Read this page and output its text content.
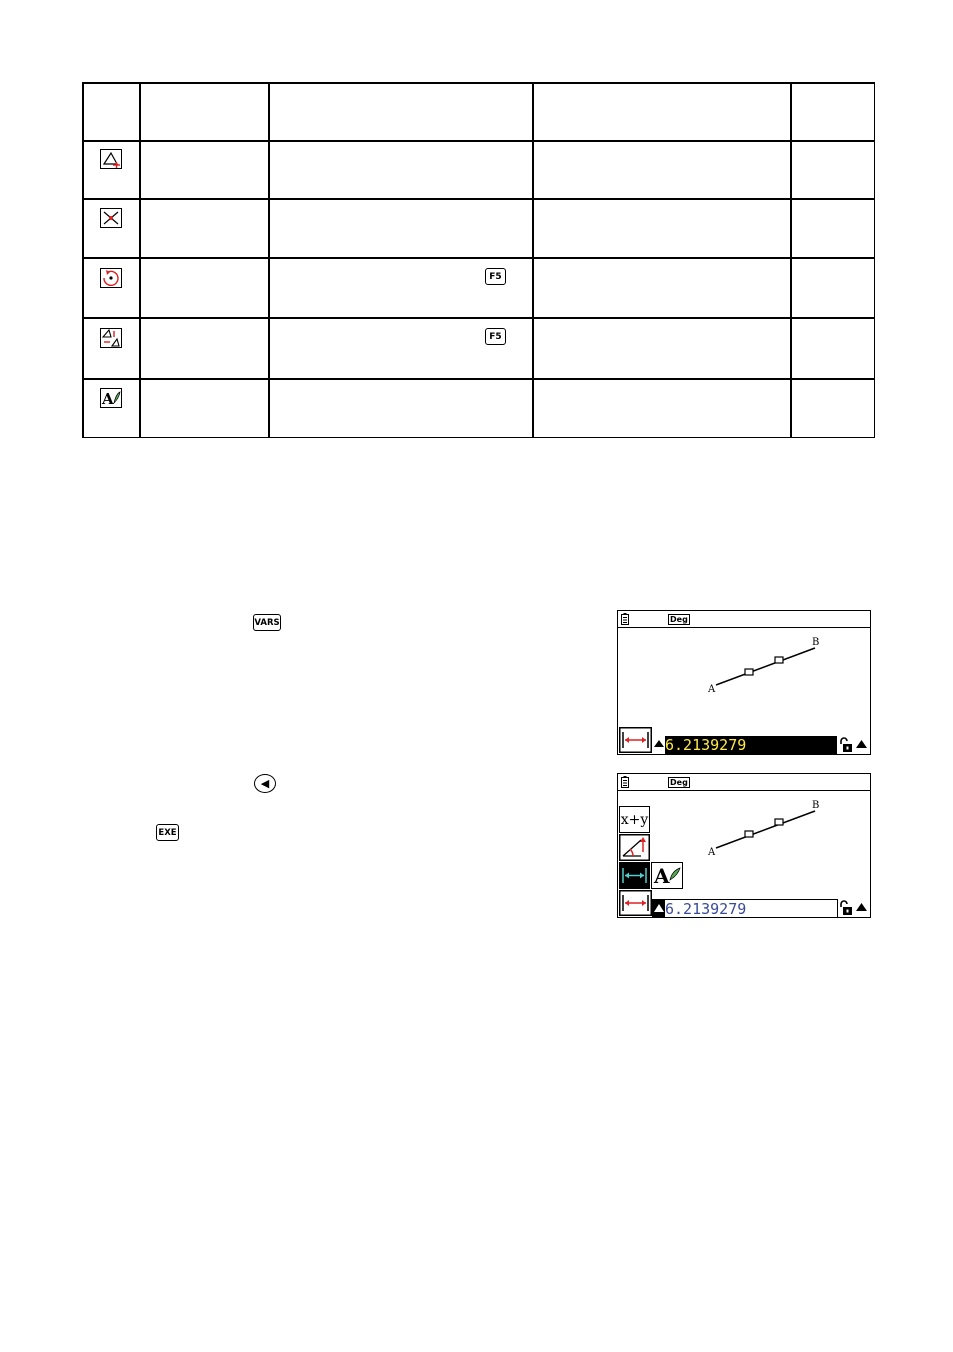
A
F5
F5
VARS
◀
EXE
Deg
A
B
6.2139279
Deg
A
B
x+y
A
6.2139279
